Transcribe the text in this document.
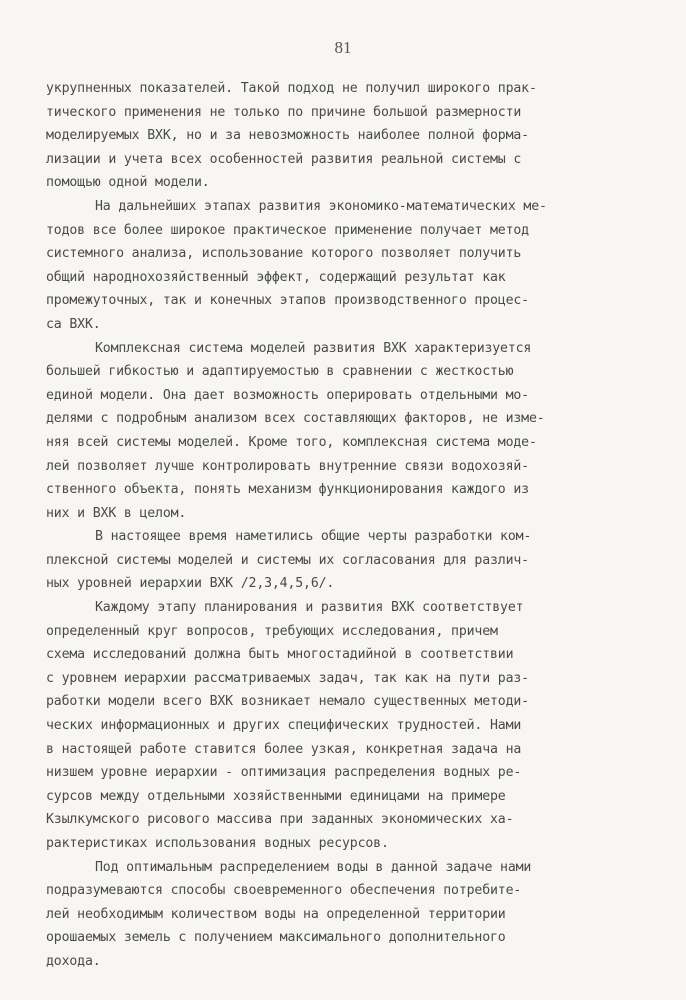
81
укрупненных показателей. Такой подход не получил широкого прак-
тического применения не только по причине большой размерности
моделируемых ВХК, но и за невозможность наиболее полной форма-
лизации и учета всех особенностей развития реальной системы с
помощью одной модели.
На дальнейших этапах развития экономико-математических ме-
тодов все более широкое практическое применение получает метод
системного анализа, использование которого позволяет получить
общий народнохозяйственный эффект, содержащий результат как
промежуточных, так и конечных этапов производственного процес-
са ВХК.
Комплексная система моделей развития ВХК характеризуется
большей гибкостью и адаптируемостью в сравнении с жесткостью
единой модели. Она дает возможность оперировать отдельными мо-
делями с подробным анализом всех составляющих факторов, не изме-
няя всей системы моделей. Кроме того, комплексная система моде-
лей позволяет лучше контролировать внутренние связи водохозяй-
ственного объекта, понять механизм функционирования каждого из
них и ВХК в целом.
В настоящее время наметились общие черты разработки ком-
плексной системы моделей и системы их согласования для различ-
ных уровней иерархии ВХК /2,3,4,5,6/.
Каждому этапу планирования и развития ВХК соответствует
определенный круг вопросов, требующих исследования, причем
схема исследований должна быть многостадийной в соответствии
с уровнем иерархии рассматриваемых задач, так как на пути раз-
работки модели всего ВХК возникает немало существенных методи-
ческих информационных и других специфических трудностей. Нами
в настоящей работе ставится более узкая, конкретная задача на
низшем уровне иерархии - оптимизация распределения водных ре-
сурсов между отдельными хозяйственными единицами на примере
Кзылкумского рисового массива при заданных экономических ха-
рактеристиках использования водных ресурсов.
Под оптимальным распределением воды в данной задаче нами
подразумеваются способы своевременного обеспечения потребите-
лей необходимым количеством воды на определенной территории
орошаемых земель с получением максимального дополнительного
дохода.
